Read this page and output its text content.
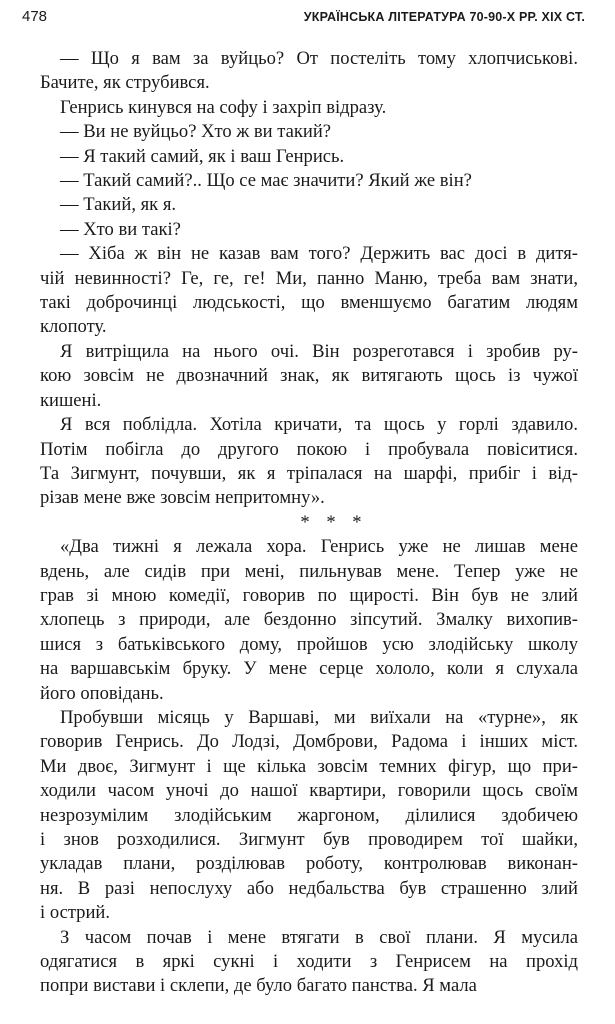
478	УКРАЇНСЬКА ЛІТЕРАТУРА 70-90-Х РР. XIX СТ.

— Що я вам за вуйцьо? От постеліть тому хлопчиськові.
Бачите, як струбився.

Генрись кинувся на софу і захріп відразу.

— Ви не вуйцьо? Хто ж ви такий?

— Я такий самий, як і ваш Генрись.

— Такий самий?.. Що се має значити? Який же він?

— Такий, як я.

— Хто ви такі?

— Хіба ж він не казав вам того? Держить вас досі в дитя-
чій невинності? Ге, ге, ге! Ми, панно Маню, треба вам знати,
такі доброчинці людськості, що вменшуємо багатим людям
клопоту.

Я витріщила на нього очі. Він розреготався і зробив ру-
кою зовсім не двозначний знак, як витягають щось із чужої
кишені.

Я вся поблідла. Хотіла кричати, та щось у горлі здавило.
Потім побігла до другого покою і пробувала повіситися.
Та Зигмунт, почувши, як я тріпалася на шарфі, прибіг і від-
різав мене вже зовсім непритомну».

* * *

«Два тижні я лежала хора. Генрись уже не лишав мене
вдень, але сидів при мені, пильнував мене. Тепер уже не
грав зі мною комедії, говорив по щирості. Він був не злий
хлопець з природи, але бездонно зіпсутий. Змалку вихопив-
шися з батьківського дому, пройшов усю злодійську школу
на варшавськім бруку. У мене серце хололо, коли я слухала
його оповідань.

Пробувши місяць у Варшаві, ми виїхали на «турне», як
говорив Генрись. До Лодзі, Домброви, Радома і інших міст.
Ми двоє, Зигмунт і ще кілька зовсім темних фігур, що при-
ходили часом уночі до нашої квартири, говорили щось своїм
незрозумілим злодійським жаргоном, ділилися здобичею
і знов розходилися. Зигмунт був проводирем тої шайки,
укладав плани, розділював роботу, контролював виконан-
ня. В разі непослуху або недбальства був страшенно злий
і острий.

З часом почав і мене втягати в свої плани. Я мусила
одягатися в яркі сукні і ходити з Генрисем на прохід
попри вистави і склепи, де було багато панства. Я мала
